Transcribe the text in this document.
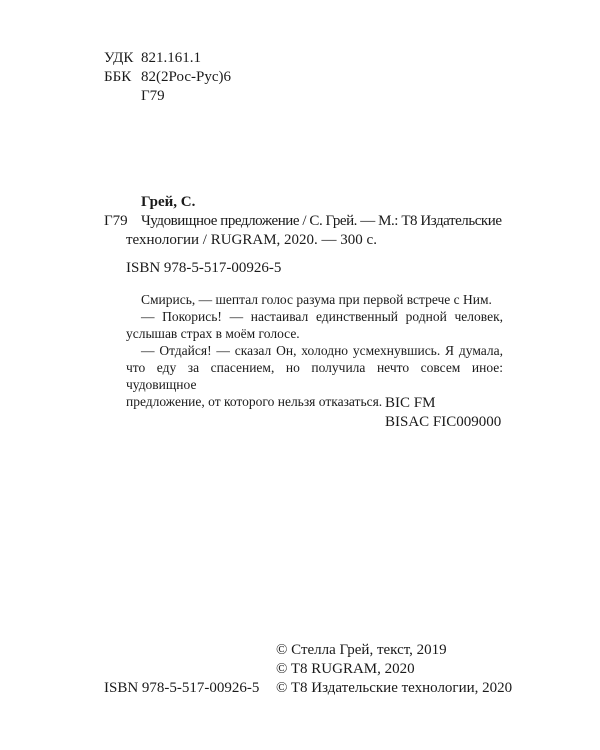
УДК 821.161.1
ББК 82(2Рос-Рус)6
Г79
Грей, С.
Г79 Чудовищное предложение / С. Грей. — М.: Т8 Издательские
технологии / RUGRAM, 2020. — 300 с.
ISBN 978-5-517-00926-5

Смирись, — шептал голос разума при первой встрече с Ним.

— Покорись! — настаивал единственный родной человек,

услышав страх в моём голосе.

— Отдайся! — сказал Он, холодно усмехнувшись. Я думала,

что еду за спасением, но получила нечто совсем иное: чудовищное

предложение, от которого нельзя отказаться. BIC FM
BISAC FIC009000
© Стелла Грей, текст, 2019
© T8 RUGRAM, 2020
ISBN 978-5-517-00926-5 © T8 Издательские технологии, 2020
